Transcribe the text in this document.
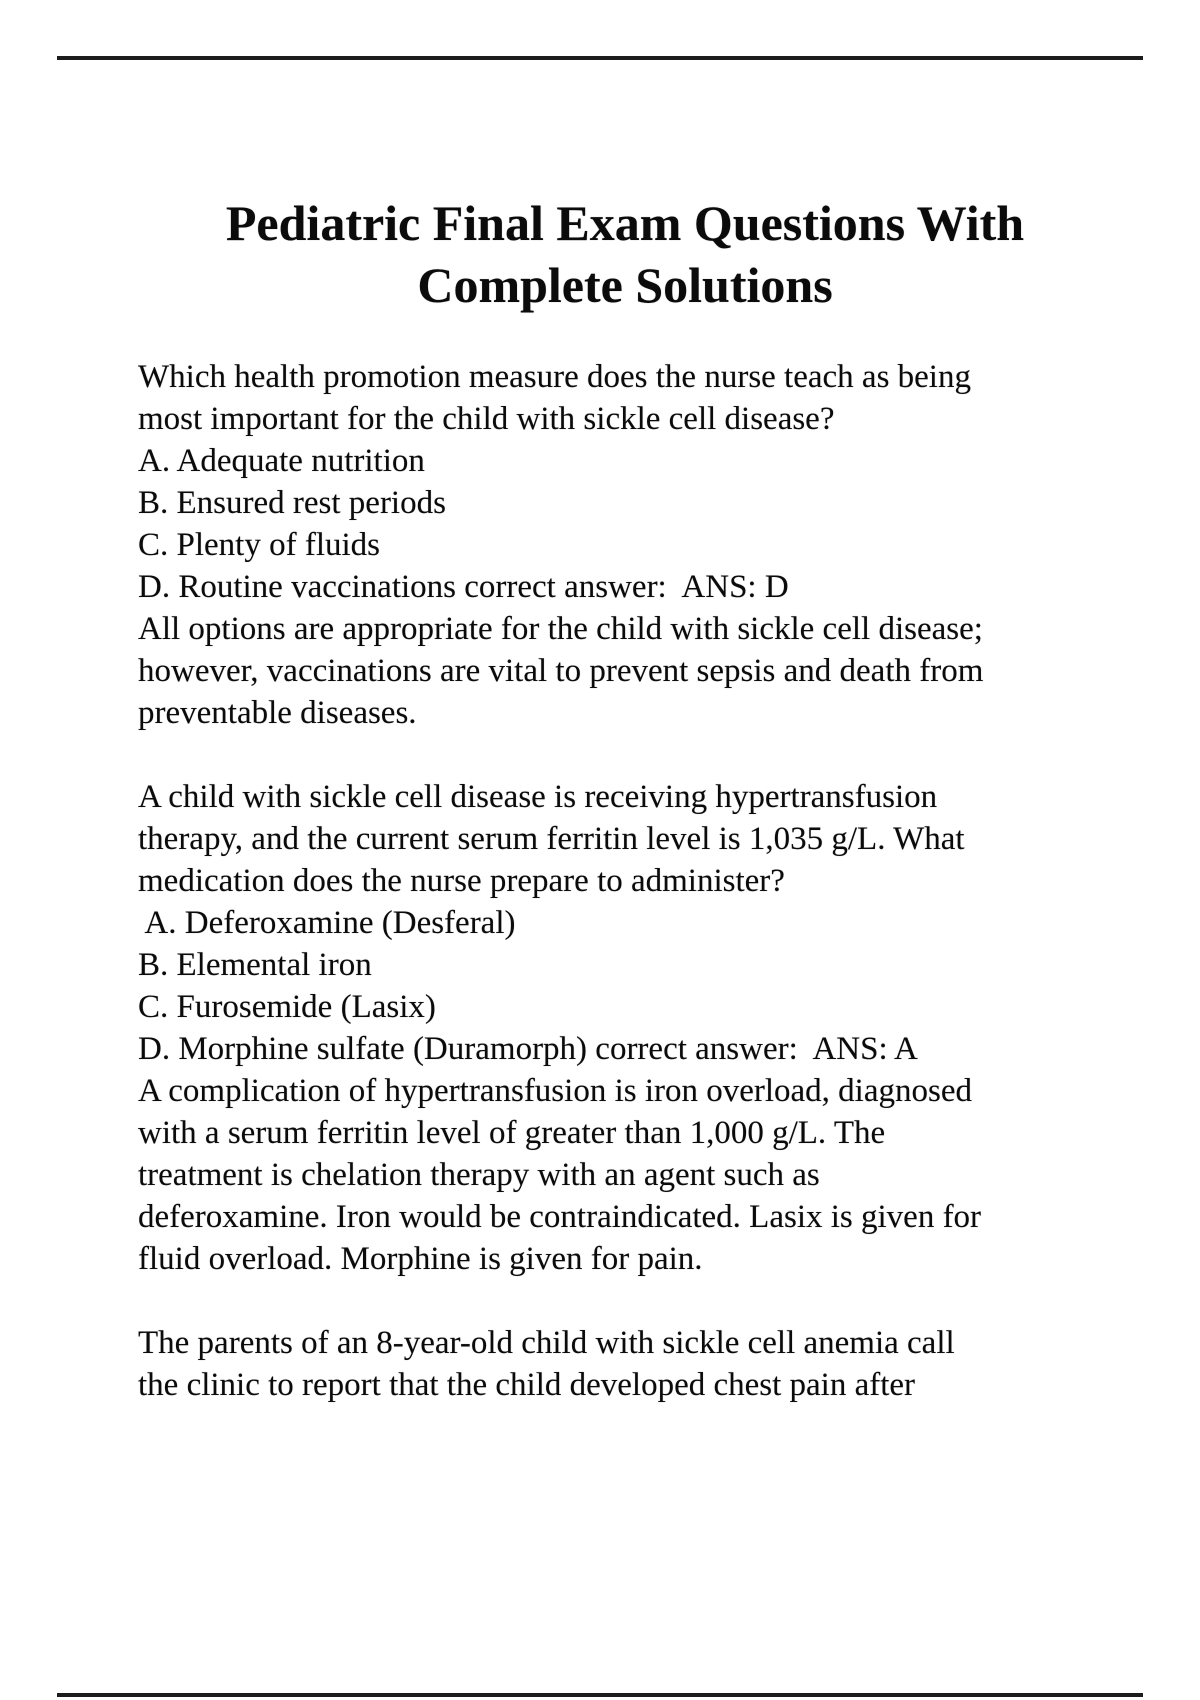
Pediatric Final Exam Questions With
Complete Solutions
Which health promotion measure does the nurse teach as being
most important for the child with sickle cell disease?
A. Adequate nutrition
B. Ensured rest periods
C. Plenty of fluids
D. Routine vaccinations correct answer:  ANS: D
All options are appropriate for the child with sickle cell disease;
however, vaccinations are vital to prevent sepsis and death from
preventable diseases.
A child with sickle cell disease is receiving hypertransfusion
therapy, and the current serum ferritin level is 1,035 g/L. What
medication does the nurse prepare to administer?
A. Deferoxamine (Desferal)
B. Elemental iron
C. Furosemide (Lasix)
D. Morphine sulfate (Duramorph) correct answer:  ANS: A
A complication of hypertransfusion is iron overload, diagnosed
with a serum ferritin level of greater than 1,000 g/L. The
treatment is chelation therapy with an agent such as
deferoxamine. Iron would be contraindicated. Lasix is given for
fluid overload. Morphine is given for pain.
The parents of an 8-year-old child with sickle cell anemia call
the clinic to report that the child developed chest pain after
